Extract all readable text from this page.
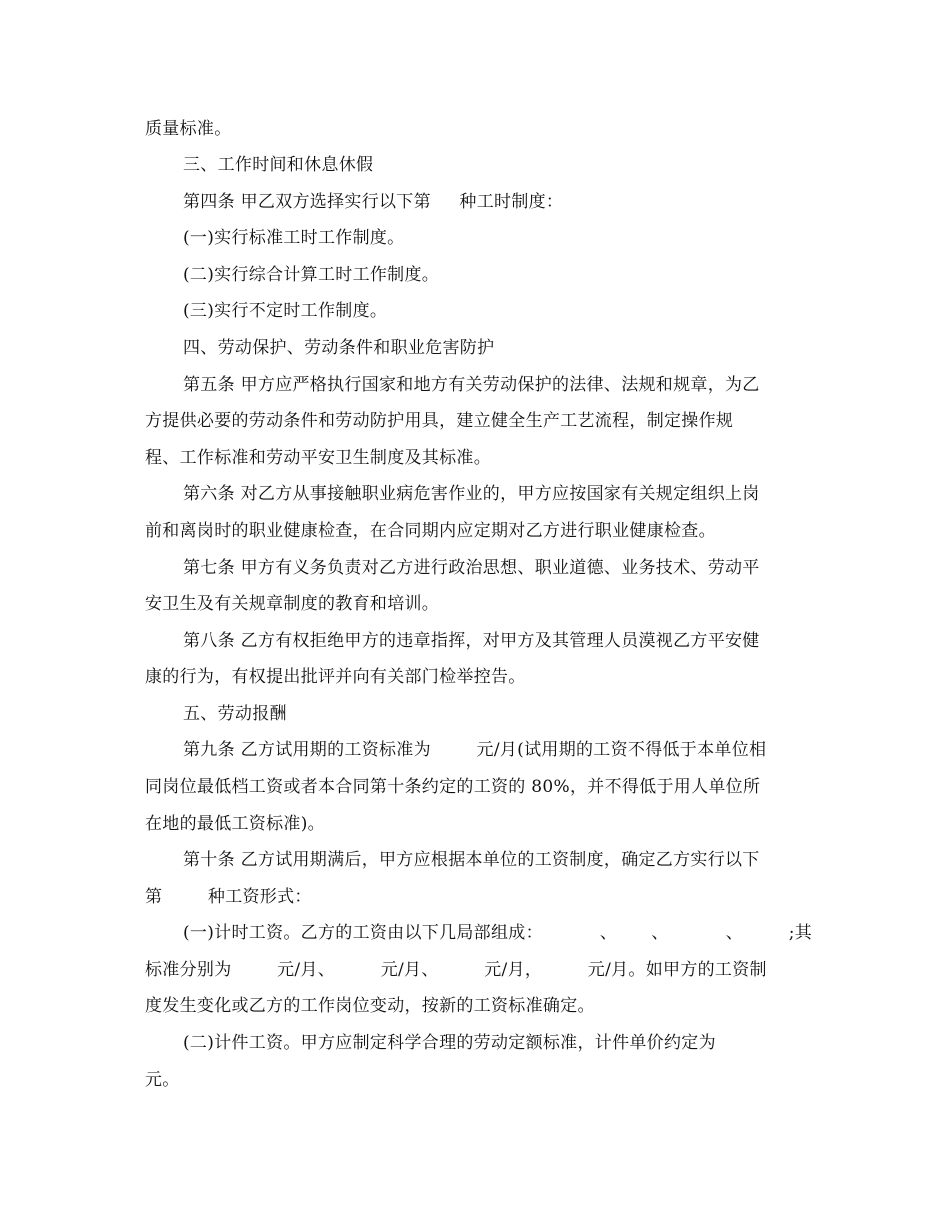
质量标准。
三、工作时间和休息休假
第四条 甲乙双方选择实行以下第     种工时制度：
(一)实行标准工时工作制度。
(二)实行综合计算工时工作制度。
(三)实行不定时工作制度。
四、劳动保护、劳动条件和职业危害防护
第五条 甲方应严格执行国家和地方有关劳动保护的法律、法规和规章，为乙
方提供必要的劳动条件和劳动防护用具，建立健全生产工艺流程，制定操作规
程、工作标准和劳动平安卫生制度及其标准。
第六条 对乙方从事接触职业病危害作业的，甲方应按国家有关规定组织上岗
前和离岗时的职业健康检查，在合同期内应定期对乙方进行职业健康检查。
第七条 甲方有义务负责对乙方进行政治思想、职业道德、业务技术、劳动平
安卫生及有关规章制度的教育和培训。
第八条 乙方有权拒绝甲方的违章指挥，对甲方及其管理人员漠视乙方平安健
康的行为，有权提出批评并向有关部门检举控告。
五、劳动报酬
第九条 乙方试用期的工资标准为        元/月(试用期的工资不得低于本单位相
同岗位最低档工资或者本合同第十条约定的工资的 80%，并不得低于用人单位所
在地的最低工资标准)。
第十条 乙方试用期满后，甲方应根据本单位的工资制度，确定乙方实行以下
第        种工资形式：
(一)计时工资。乙方的工资由以下几局部组成：          、      、          、        ;其
标准分别为        元/月、        元/月、        元/月，        元/月。如甲方的工资制
度发生变化或乙方的工作岗位变动，按新的工资标准确定。
(二)计件工资。甲方应制定科学合理的劳动定额标准，计件单价约定为
元。
